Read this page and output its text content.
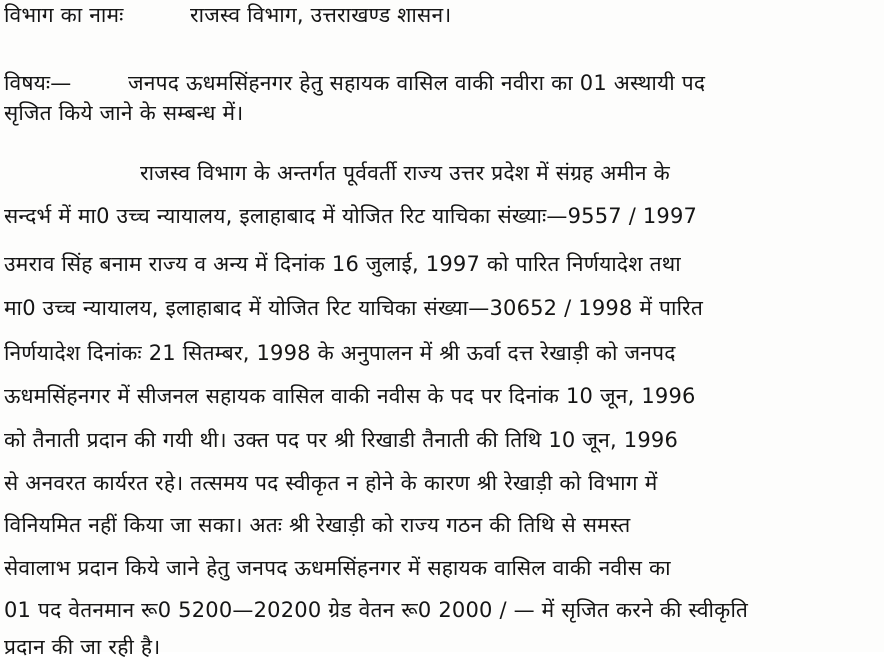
विभाग का नामः	राजस्व विभाग, उत्तराखण्ड शासन।
विषयः—	जनपद ऊधमसिंहनगर हेतु सहायक वासिल वाकी नवीरा का 01 अस्थायी पद
सृजित किये जाने के सम्बन्ध में।
राजस्व विभाग के अन्तर्गत पूर्ववर्ती राज्य उत्तर प्रदेश में संग्रह अमीन के
सन्दर्भ में मा0 उच्च न्यायालय, इलाहाबाद में योजित रिट याचिका संख्याः—9557 / 1997
उमराव सिंह बनाम राज्य व अन्य में दिनांक 16 जुलाई, 1997 को पारित निर्णयादेश तथा
मा0 उच्च न्यायालय, इलाहाबाद में योजित रिट याचिका संख्या—30652 / 1998 में पारित
निर्णयादेश दिनांकः 21 सितम्बर, 1998 के अनुपालन में श्री ऊर्वा दत्त रेखाड़ी को जनपद
ऊधमसिंहनगर में सीजनल सहायक वासिल वाकी नवीस के पद पर दिनांक 10 जून, 1996
को तैनाती प्रदान की गयी थी। उक्त पद पर श्री रिखाडी तैनाती की तिथि 10 जून, 1996
से अनवरत कार्यरत रहे। तत्समय पद स्वीकृत न होने के कारण श्री रेखाड़ी को विभाग में
विनियमित नहीं किया जा सका। अतः श्री रेखाड़ी को राज्य गठन की तिथि से समस्त
सेवालाभ प्रदान किये जाने हेतु जनपद ऊधमसिंहनगर में सहायक वासिल वाकी नवीस का
01 पद वेतनमान रू0 5200—20200 ग्रेड वेतन रू0 2000 / — में सृजित करने की स्वीकृति
प्रदान की जा रही है।
